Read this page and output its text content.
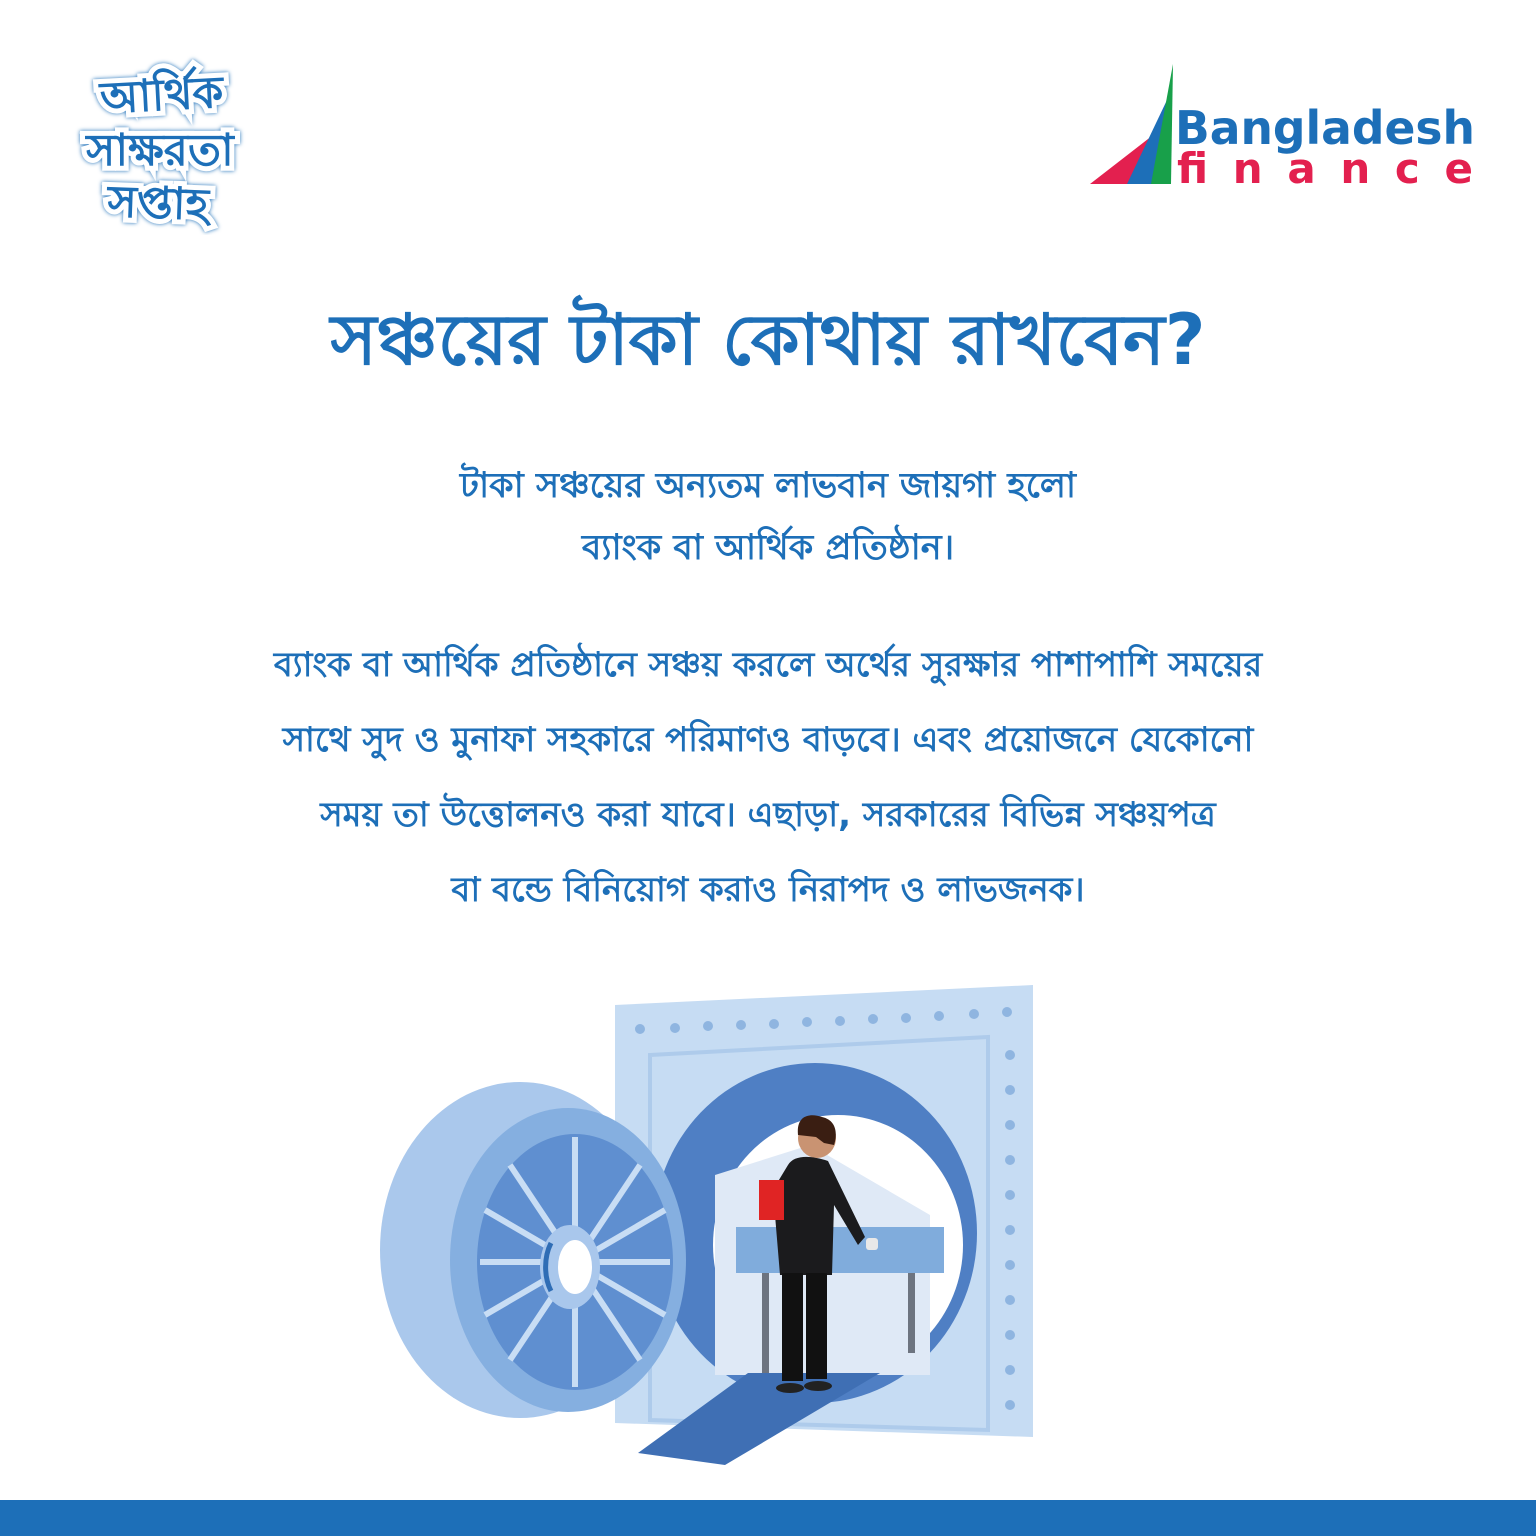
আর্থিক
সাক্ষরতা
সপ্তাহ
Bangladesh
finance
সঞ্চয়ের টাকা কোথায় রাখবেন?
টাকা সঞ্চয়ের অন্যতম লাভবান জায়গা হলো
ব্যাংক বা আর্থিক প্রতিষ্ঠান।
ব্যাংক বা আর্থিক প্রতিষ্ঠানে সঞ্চয় করলে অর্থের সুরক্ষার পাশাপাশি সময়ের
সাথে সুদ ও মুনাফা সহকারে পরিমাণও বাড়বে। এবং প্রয়োজনে যেকোনো
সময় তা উত্তোলনও করা যাবে। এছাড়া, সরকারের বিভিন্ন সঞ্চয়পত্র
বা বন্ডে বিনিয়োগ করাও নিরাপদ ও লাভজনক।
